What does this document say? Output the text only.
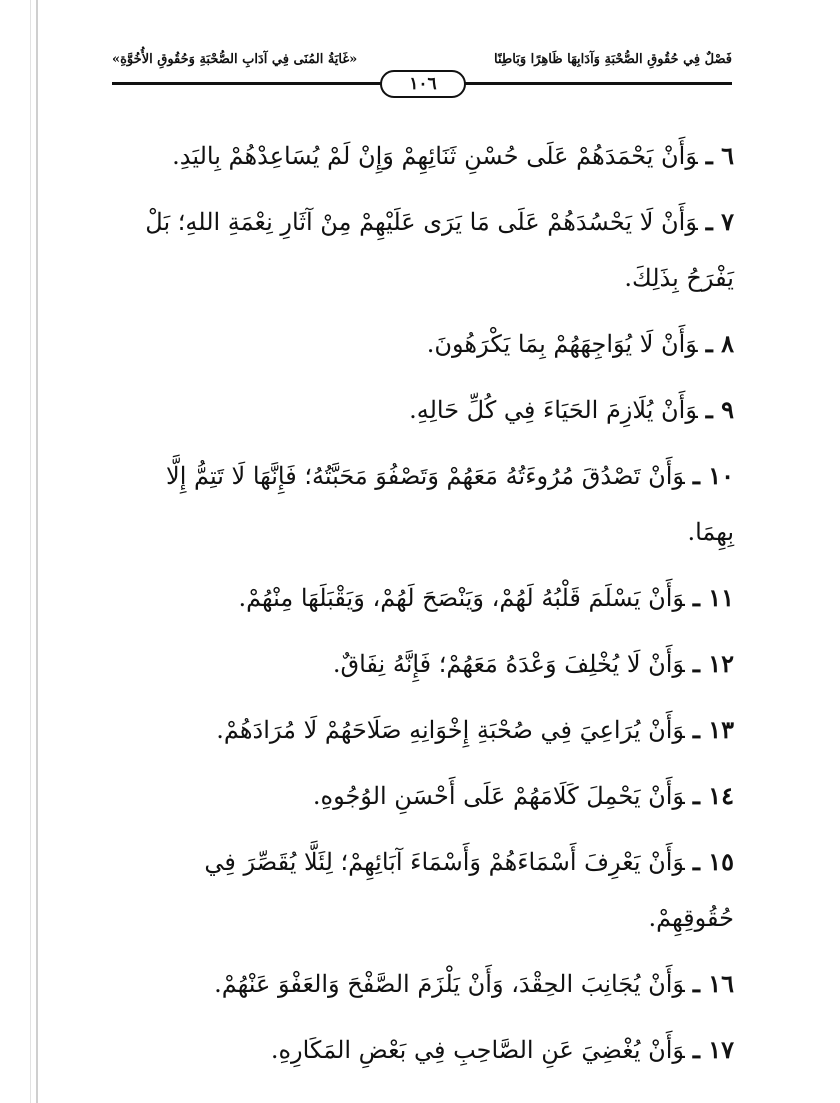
فَصْلٌ فِي حُقُوقِ الصُّحْبَةِ وَآدَابِهَا ظَاهِرًا وَبَاطِنًا
«غَايَةُ المُنَى فِي آدَابِ الصُّحْبَةِ وَحُقُوقِ الأُخُوَّةِ»
١٠٦
٦ ـوَأَنْ يَحْمَدَهُمْ عَلَى حُسْنِ ثَنَائِهِمْ وَإِنْ لَمْ يُسَاعِدْهُمْ بِاليَدِ.
٧ ـوَأَنْ لَا يَحْسُدَهُمْ عَلَى مَا يَرَى عَلَيْهِمْ مِنْ آثَارِ نِعْمَةِ اللهِ؛ بَلْ
يَفْرَحُ بِذَلِكَ.
٨ ـوَأَنْ لَا يُوَاجِهَهُمْ بِمَا يَكْرَهُونَ.
٩ ـوَأَنْ يُلَازِمَ الحَيَاءَ فِي كُلِّ حَالِهِ.
١٠ ـوَأَنْ تَصْدُقَ مُرُوءَتُهُ مَعَهُمْ وَتَصْفُوَ مَحَبَّتُهُ؛ فَإِنَّهَا لَا تَتِمُّ إِلَّا
بِهِمَا.
١١ ـوَأَنْ يَسْلَمَ قَلْبُهُ لَهُمْ، وَيَنْصَحَ لَهُمْ، وَيَقْبَلَهَا مِنْهُمْ.
١٢ ـوَأَنْ لَا يُخْلِفَ وَعْدَهُ مَعَهُمْ؛ فَإِنَّهُ نِفَاقٌ.
١٣ ـوَأَنْ يُرَاعِيَ فِي صُحْبَةِ إِخْوَانِهِ صَلَاحَهُمْ لَا مُرَادَهُمْ.
١٤ ـوَأَنْ يَحْمِلَ كَلَامَهُمْ عَلَى أَحْسَنِ الوُجُوهِ.
١٥ ـوَأَنْ يَعْرِفَ أَسْمَاءَهُمْ وَأَسْمَاءَ آبَائِهِمْ؛ لِئَلَّا يُقَصِّرَ فِي
حُقُوقِهِمْ.
١٦ ـوَأَنْ يُجَانِبَ الحِقْدَ، وَأَنْ يَلْزَمَ الصَّفْحَ وَالعَفْوَ عَنْهُمْ.
١٧ ـوَأَنْ يُغْضِيَ عَنِ الصَّاحِبِ فِي بَعْضِ المَكَارِهِ.
